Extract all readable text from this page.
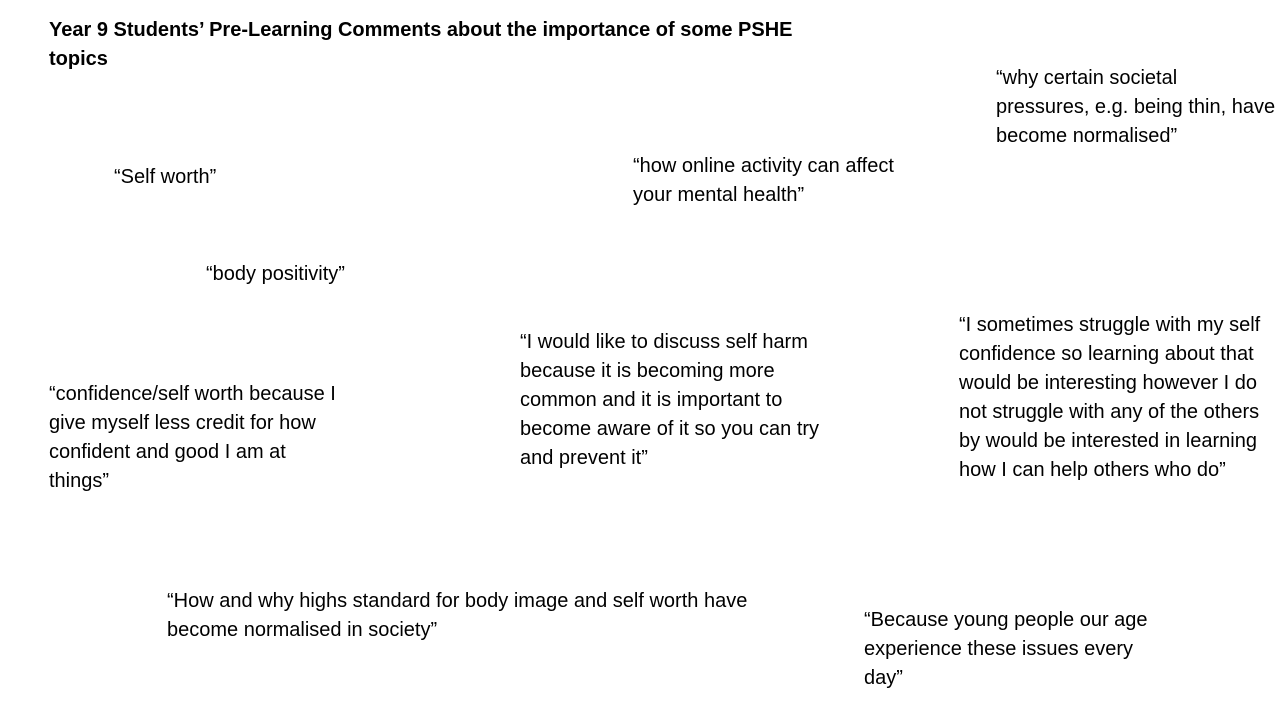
Year 9 Students’ Pre-Learning Comments about the importance of some PSHE topics
“why certain societal pressures, e.g. being thin, have become normalised”
“how online activity can affect your mental health”
“Self worth”
“body positivity”
“I would like to discuss self harm because it is becoming more common and it is important to become aware of it so you can try and prevent it”
“I sometimes struggle with my self confidence so learning about that would be interesting however I do not struggle with any of the others by would be interested in learning how I can help others who do”
“confidence/self worth because I give myself less credit for how confident and good I am at things”
“How and why highs standard for body image and self worth have become normalised in society”	“Because young people our age experience these issues every day”
